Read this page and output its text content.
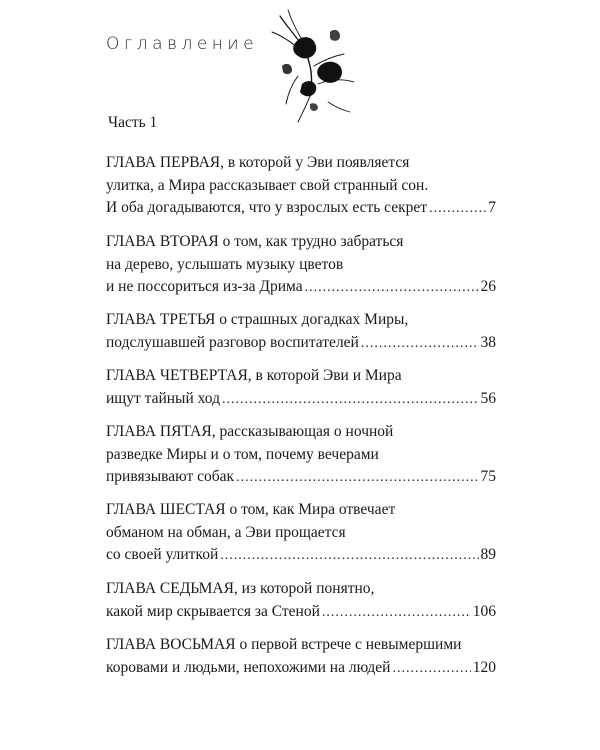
Оглавление
Часть 1
ГЛАВА ПЕРВАЯ, в которой у Эви появляется
улитка, а Мира рассказывает свой странный сон.
И оба догадываются, что у взрослых есть секрет .....	7
ГЛАВА ВТОРАЯ о том, как трудно забраться
на дерево, услышать музыку цветов
и не поссориться из-за Дрима .....	26
ГЛАВА ТРЕТЬЯ о страшных догадках Миры,
подслушавшей разговор воспитателей .....	38
ГЛАВА ЧЕТВЕРТАЯ, в которой Эви и Мира
ищут тайный ход .....	56
ГЛАВА ПЯТАЯ, рассказывающая о ночной
разведке Миры и о том, почему вечерами
привязывают собак .....	75
ГЛАВА ШЕСТАЯ о том, как Мира отвечает
обманом на обман, а Эви прощается
со своей улиткой .....	89
ГЛАВА СЕДЬМАЯ, из которой понятно,
какой мир скрывается за Стеной .....	106
ГЛАВА ВОСЬМАЯ о первой встрече с невымершими
коровами и людьми, непохожими на людей .....	120
